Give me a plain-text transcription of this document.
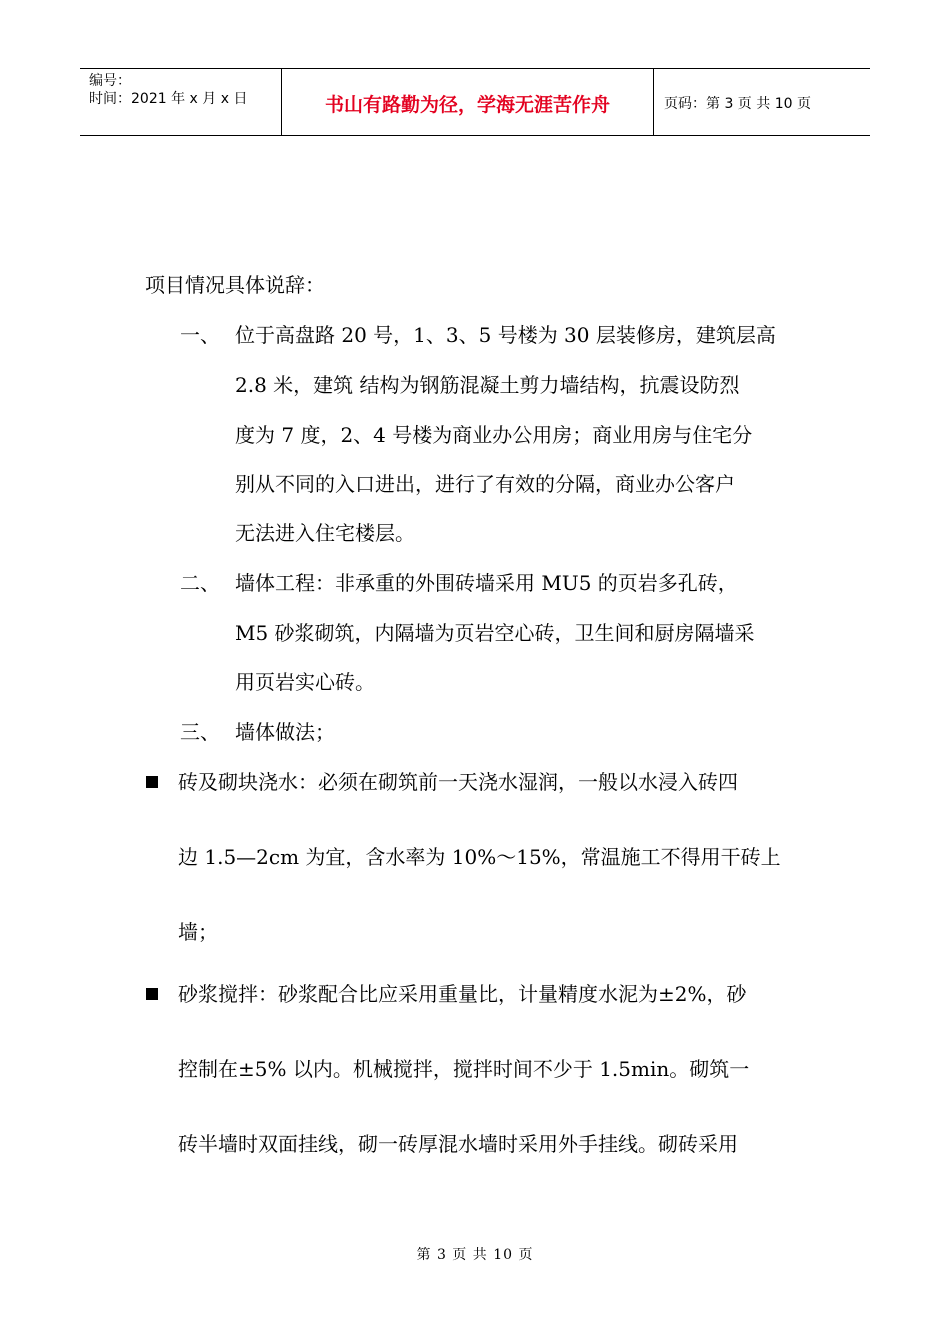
编号：
时间：2021 年 x 月 x 日	书山有路勤为径，学海无涯苦作舟	页码：第 3 页 共 10 页
项目情况具体说辞：
一、 位于高盘路 20 号，1、3、5 号楼为 30 层装修房，建筑层高
2.8 米，建筑 结构为钢筋混凝土剪力墙结构，抗震设防烈
度为 7 度，2、4 号楼为商业办公用房；商业用房与住宅分
别从不同的入口进出，进行了有效的分隔，商业办公客户
无法进入住宅楼层。
二、 墙体工程：非承重的外围砖墙采用 MU5 的页岩多孔砖，
M5 砂浆砌筑，内隔墙为页岩空心砖，卫生间和厨房隔墙采
用页岩实心砖。
三、 墙体做法；
砖及砌块浇水：必须在砌筑前一天浇水湿润，一般以水浸入砖四
边 1.5—2cm 为宜，含水率为 10%～15%，常温施工不得用干砖上
墙；
砂浆搅拌：砂浆配合比应采用重量比，计量精度水泥为±2%，砂
控制在±5% 以内。机械搅拌，搅拌时间不少于 1.5min。砌筑一
砖半墙时双面挂线，砌一砖厚混水墙时采用外手挂线。砌砖采用
第 3 页 共 10 页
